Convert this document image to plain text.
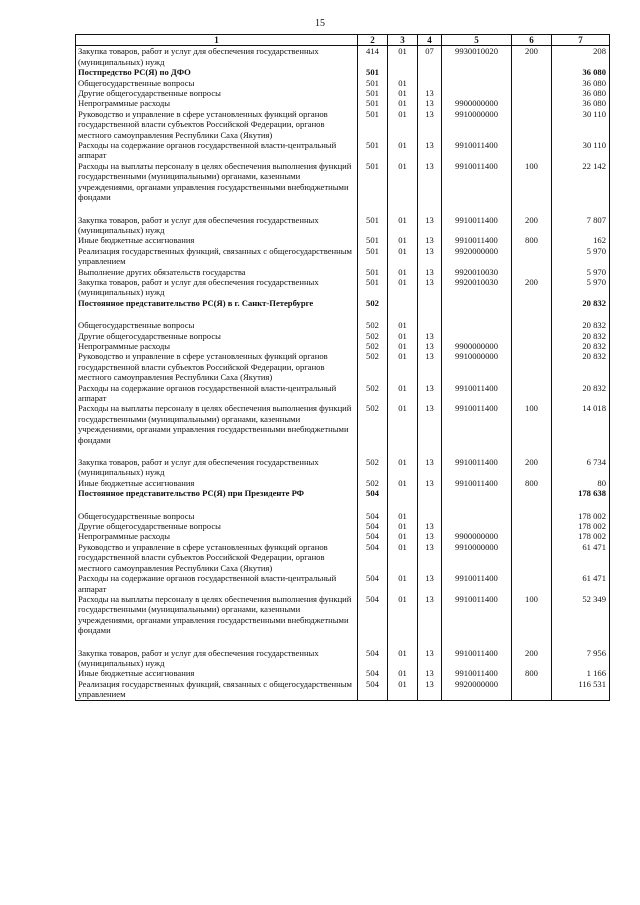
15
1	2	3	4	5	6	7
Закупка товаров, работ и услуг для обеспечения государственных (муниципальных) нужд	414	01	07	9930010020	200	208
Постпредство РС(Я) по ДФО	501					36 080
Общегосударственные вопросы	501	01				36 080
Другие общегосударственные вопросы	501	01	13			36 080
Непрограммные расходы	501	01	13	9900000000		36 080
Руководство и управление в сфере установленных функций органов государственной власти субъектов Российской Федерации, органов местного самоуправления Республики Саха (Якутия)	501	01	13	9910000000		30 110
Расходы на содержание органов государственной власти-центральный аппарат	501	01	13	9910011400		30 110
Расходы на выплаты персоналу в целях обеспечения выполнения функций государственными (муниципальными) органами, казенными учреждениями, органами управления государственными внебюджетными фондами	501	01	13	9910011400	100	22 142

Закупка товаров, работ и услуг для обеспечения государственных (муниципальных) нужд	501	01	13	9910011400	200	7 807
Иные бюджетные ассигнования	501	01	13	9910011400	800	162
Реализация государственных функций, связанных с общегосударственным управлением	501	01	13	9920000000		5 970
Выполнение других обязательств государства	501	01	13	9920010030		5 970
Закупка товаров, работ и услуг для обеспечения государственных (муниципальных) нужд	501	01	13	9920010030	200	5 970
Постоянное представительство РС(Я) в г. Санкт-Петербурге	502					20 832

Общегосударственные вопросы	502	01				20 832
Другие общегосударственные вопросы	502	01	13			20 832
Непрограммные расходы	502	01	13	9900000000		20 832
Руководство и управление в сфере установленных функций органов государственной власти субъектов Российской Федерации, органов местного самоуправления Республики Саха (Якутия)	502	01	13	9910000000		20 832
Расходы на содержание органов государственной власти-центральный аппарат	502	01	13	9910011400		20 832
Расходы на выплаты персоналу в целях обеспечения выполнения функций государственными (муниципальными) органами, казенными учреждениями, органами управления государственными внебюджетными фондами	502	01	13	9910011400	100	14 018

Закупка товаров, работ и услуг для обеспечения государственных (муниципальных) нужд	502	01	13	9910011400	200	6 734
Иные бюджетные ассигнования	502	01	13	9910011400	800	80
Постоянное представительство РС(Я) при Президенте РФ	504					178 638

Общегосударственные вопросы	504	01				178 002
Другие общегосударственные вопросы	504	01	13			178 002
Непрограммные расходы	504	01	13	9900000000		178 002
Руководство и управление в сфере установленных функций органов государственной власти субъектов Российской Федерации, органов местного самоуправления Республики Саха (Якутия)	504	01	13	9910000000		61 471
Расходы на содержание органов государственной власти-центральный аппарат	504	01	13	9910011400		61 471
Расходы на выплаты персоналу в целях обеспечения выполнения функций государственными (муниципальными) органами, казенными учреждениями, органами управления государственными внебюджетными фондами	504	01	13	9910011400	100	52 349

Закупка товаров, работ и услуг для обеспечения государственных (муниципальных) нужд	504	01	13	9910011400	200	7 956
Иные бюджетные ассигнования	504	01	13	9910011400	800	1 166
Реализация государственных функций, связанных с общегосударственным управлением	504	01	13	9920000000		116 531
